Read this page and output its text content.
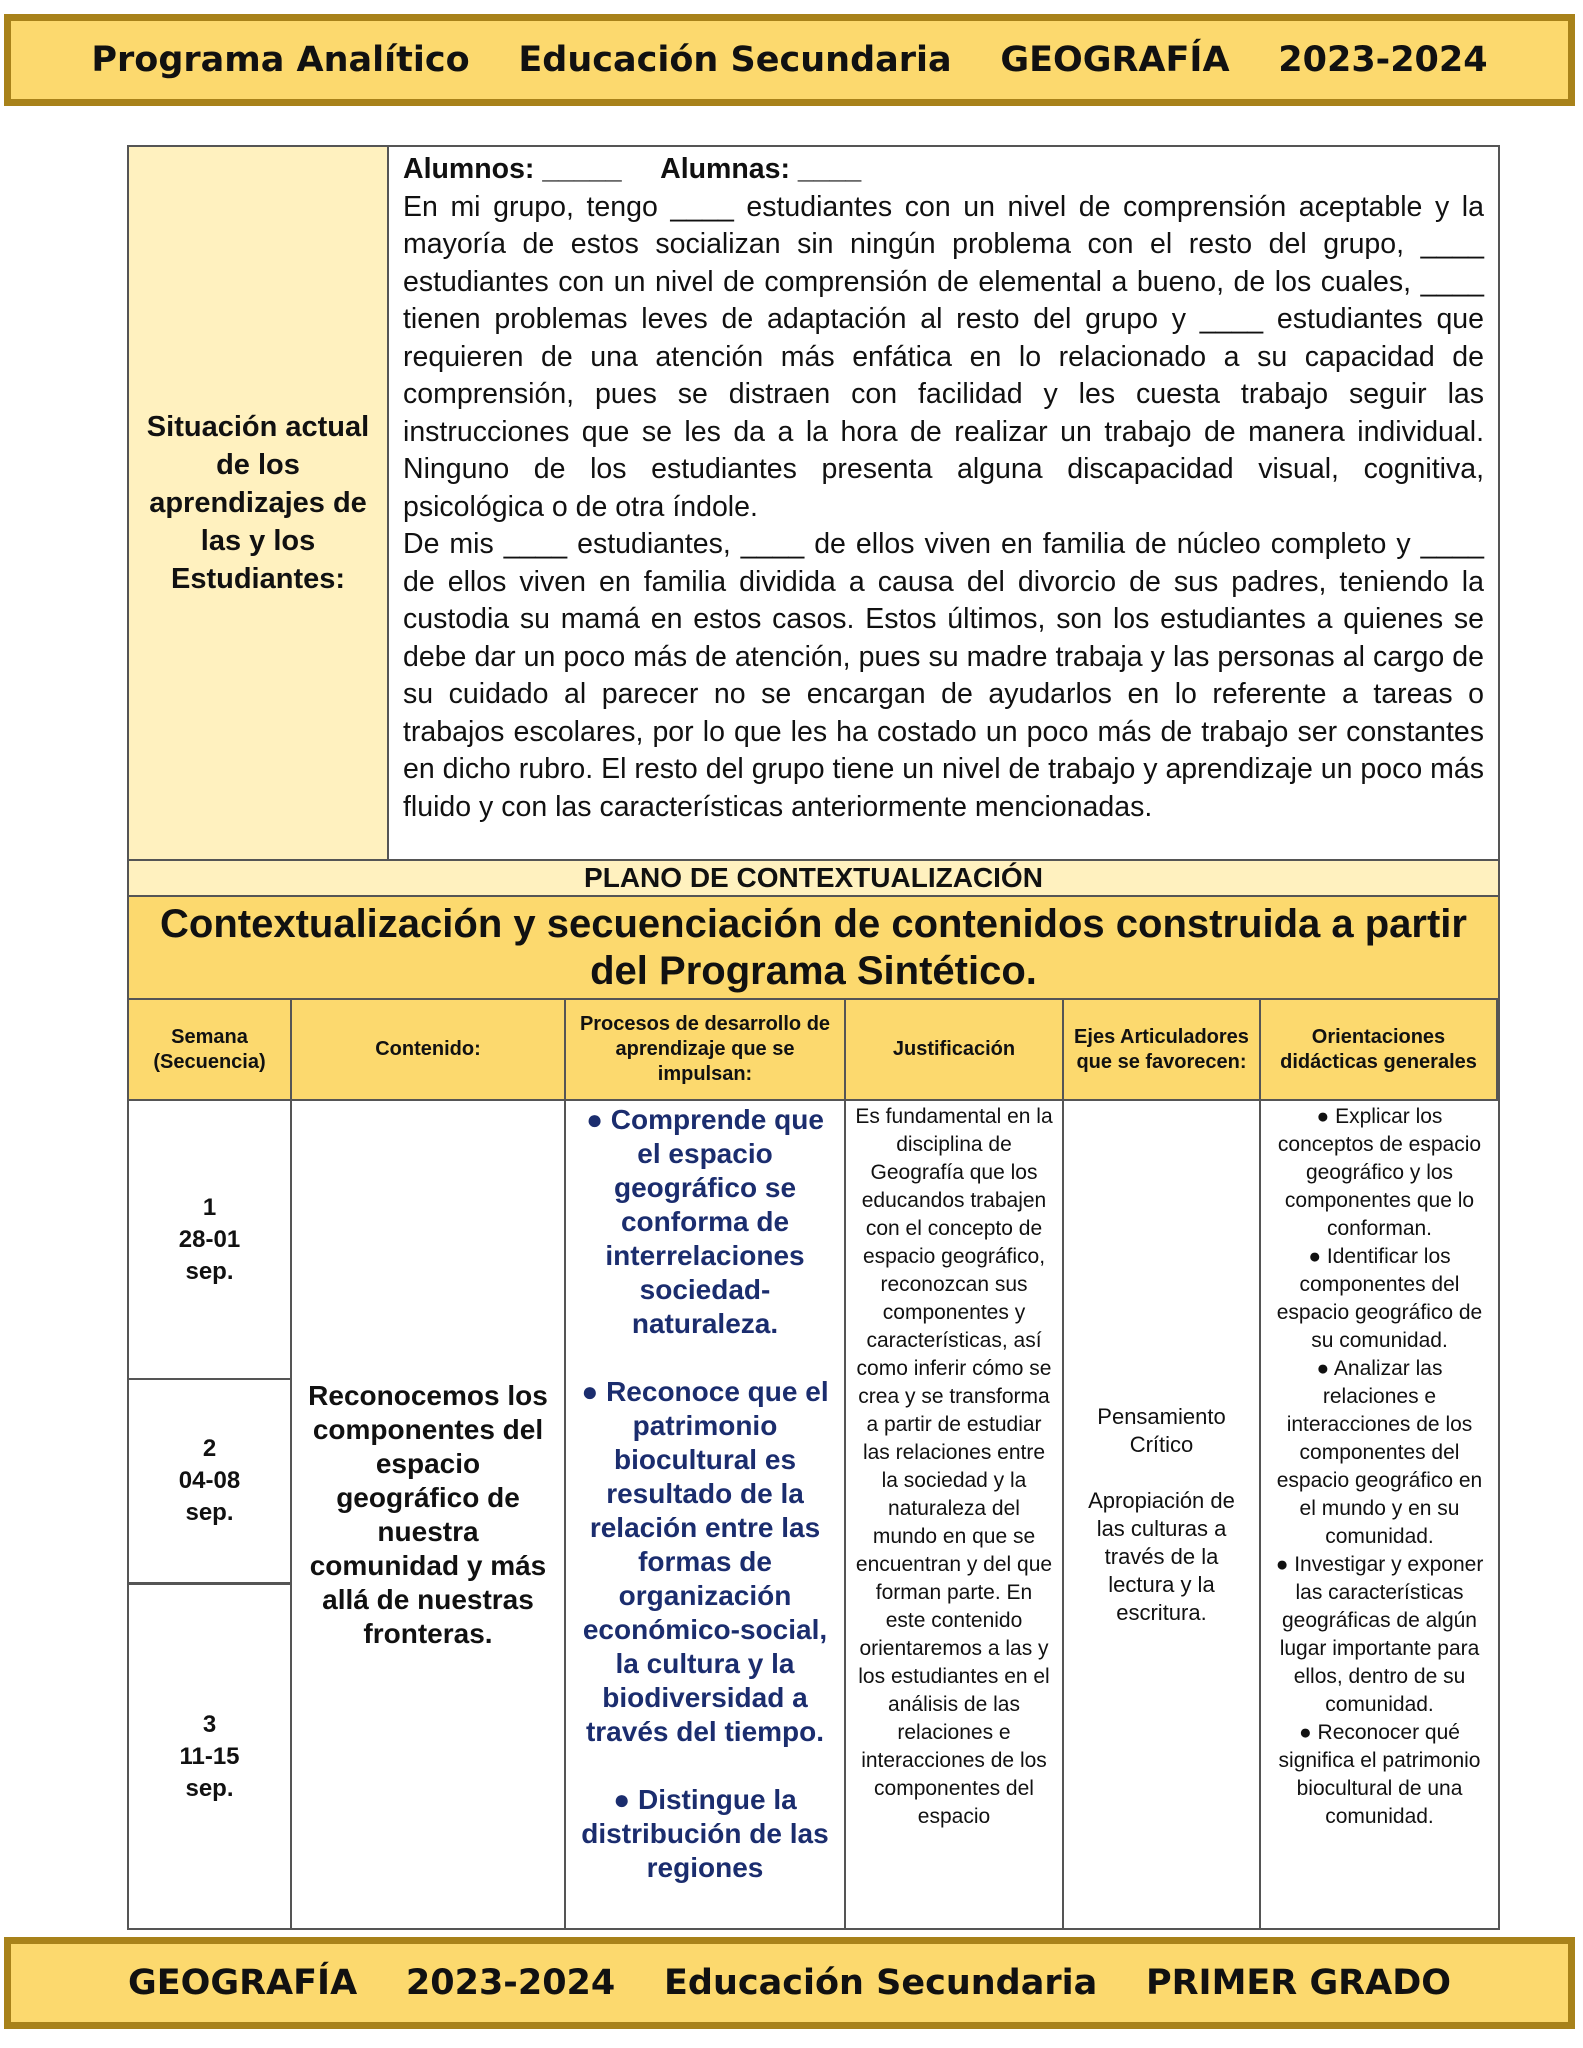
Programa Analítico    Educación Secundaria    GEOGRAFÍA    2023-2024
Situación actual de los aprendizajes de las y los Estudiantes:

Alumnos: _____     Alumnas: ____

En mi grupo, tengo ____ estudiantes con un nivel de comprensión aceptable y la mayoría de estos socializan sin ningún problema con el resto del grupo, ____ estudiantes con un nivel de comprensión de elemental a bueno, de los cuales, ____ tienen problemas leves de adaptación al resto del grupo y ____ estudiantes que requieren de una atención más enfática en lo relacionado a su capacidad de comprensión, pues se distraen con facilidad y les cuesta trabajo seguir las instrucciones que se les da a la hora de realizar un trabajo de manera individual. Ninguno de los estudiantes presenta alguna discapacidad visual, cognitiva, psicológica o de otra índole.

De mis ____ estudiantes, ____ de ellos viven en familia de núcleo completo y ____ de ellos viven en familia dividida a causa del divorcio de sus padres, teniendo la custodia su mamá en estos casos. Estos últimos, son los estudiantes a quienes se debe dar un poco más de atención, pues su madre trabaja y las personas al cargo de su cuidado al parecer no se encargan de ayudarlos en lo referente a tareas o trabajos escolares, por lo que les ha costado un poco más de trabajo ser constantes en dicho rubro. El resto del grupo tiene un nivel de trabajo y aprendizaje un poco más fluido y con las características anteriormente mencionadas.

PLANO DE CONTEXTUALIZACIÓN
Contextualización y secuenciación de contenidos construida a partir del Programa Sintético.
Semana (Secuencia)
Contenido:
Procesos de desarrollo de aprendizaje que se impulsan:
Justificación
Ejes Articuladores que se favorecen:
Orientaciones didácticas generales
1
28-01
sep.
2
04-08
sep.
3
11-15
sep.
Reconocemos los componentes del espacio geográfico de nuestra comunidad y más allá de nuestras fronteras.

● Comprende que el espacio geográfico se conforma de interrelaciones sociedad-naturaleza.

● Reconoce que el patrimonio biocultural es resultado de la relación entre las formas de organización económico-social, la cultura y la biodiversidad a través del tiempo.

● Distingue la distribución de las regiones

Es fundamental en la disciplina de Geografía que los educandos trabajen con el concepto de espacio geográfico, reconozcan sus componentes y características, así como inferir cómo se crea y se transforma a partir de estudiar las relaciones entre la sociedad y la naturaleza del mundo en que se encuentran y del que forman parte. En este contenido orientaremos a las y los estudiantes en el análisis de las relaciones e interacciones de los componentes del espacio

Pensamiento Crítico

Apropiación de las culturas a través de la lectura y la escritura.

● Explicar los conceptos de espacio geográfico y los componentes que lo conforman.

● Identificar los componentes del espacio geográfico de su comunidad.

● Analizar las relaciones e interacciones de los componentes del espacio geográfico en el mundo y en su comunidad.

● Investigar y exponer las características geográficas de algún lugar importante para ellos, dentro de su comunidad.

● Reconocer qué significa el patrimonio biocultural de una comunidad.

GEOGRAFÍA    2023-2024    Educación Secundaria    PRIMER GRADO
